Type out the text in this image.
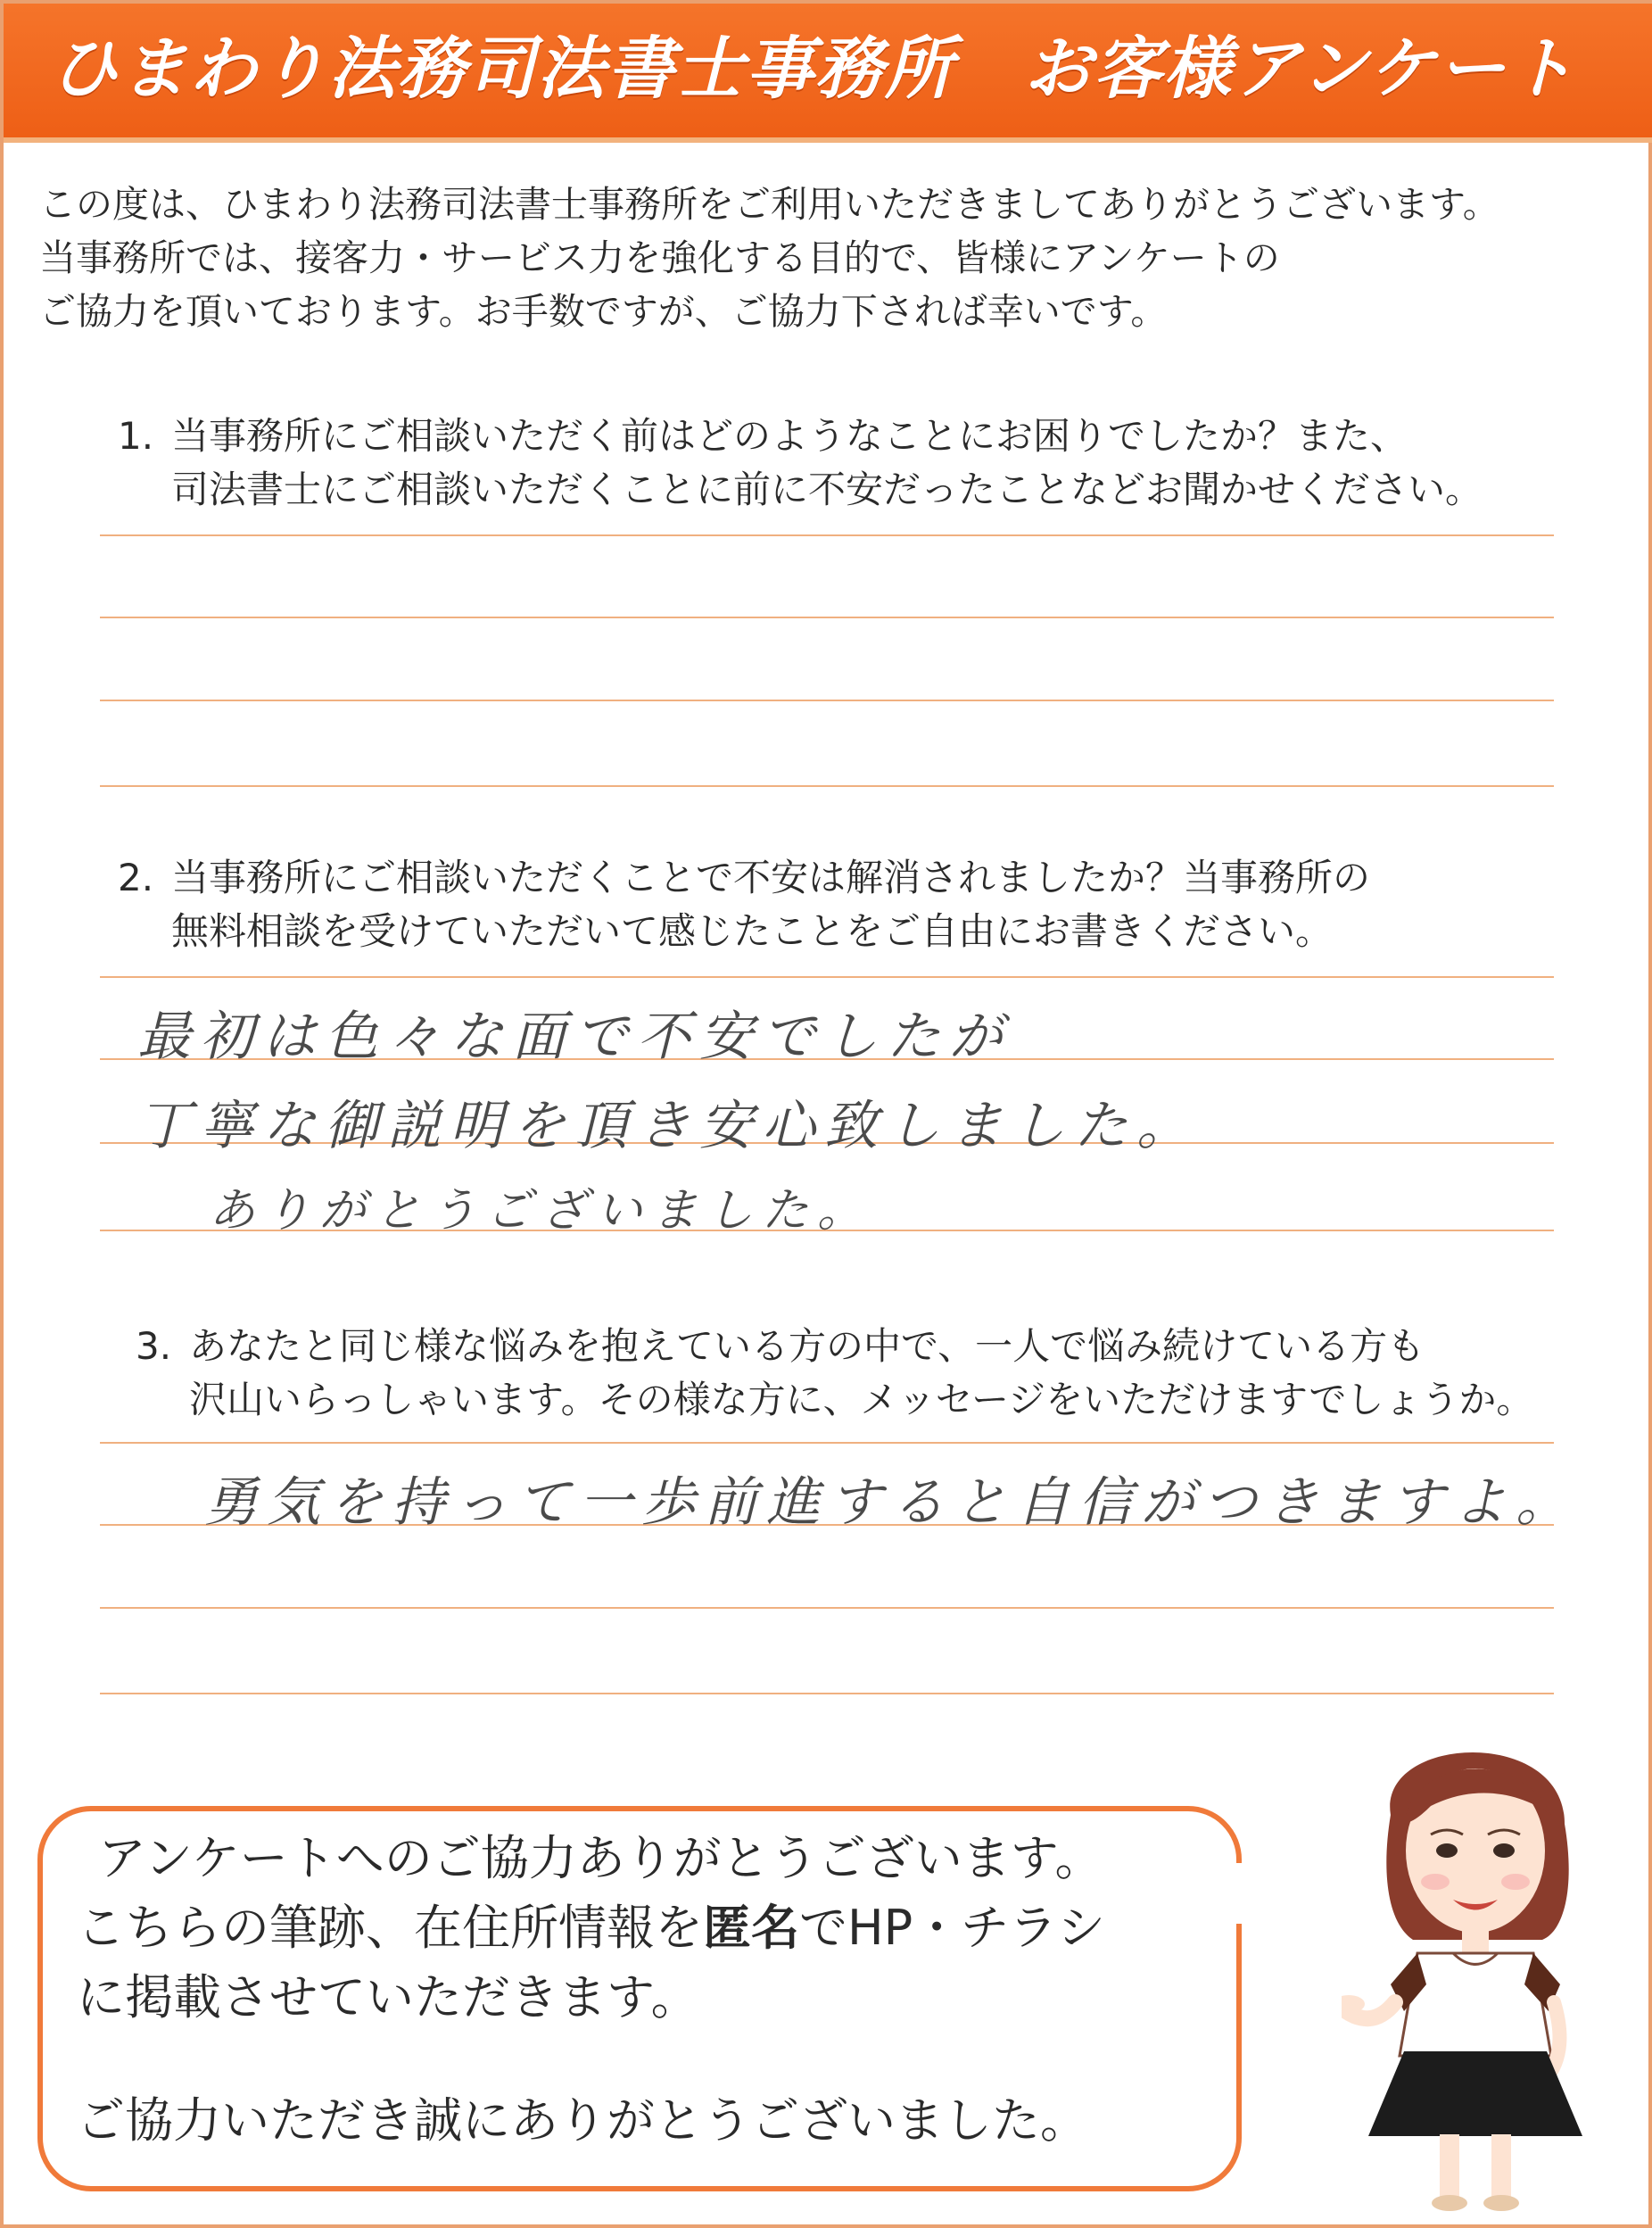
ひまわり法務司法書士事務所　お客様アンケート
この度は、ひまわり法務司法書士事務所をご利用いただきましてありがとうございます。
当事務所では、接客力・サービス力を強化する目的で、皆様にアンケートの
ご協力を頂いております。お手数ですが、ご協力下されば幸いです。
1. 当事務所にご相談いただく前はどのようなことにお困りでしたか？また、
司法書士にご相談いただくことに前に不安だったことなどお聞かせください。
2. 当事務所にご相談いただくことで不安は解消されましたか？当事務所の
無料相談を受けていただいて感じたことをご自由にお書きください。
最初は色々な面で不安でしたが
丁寧な御説明を頂き安心致しました。
ありがとうございました。
3. あなたと同じ様な悩みを抱えている方の中で、一人で悩み続けている方も
沢山いらっしゃいます。その様な方に、メッセージをいただけますでしょうか。
勇気を持って一歩前進すると自信がつきますよ。
アンケートへのご協力ありがとうございます。
こちらの筆跡、在住所情報を匿名でHP・チラシ
に掲載させていただきます。
ご協力いただき誠にありがとうございました。
